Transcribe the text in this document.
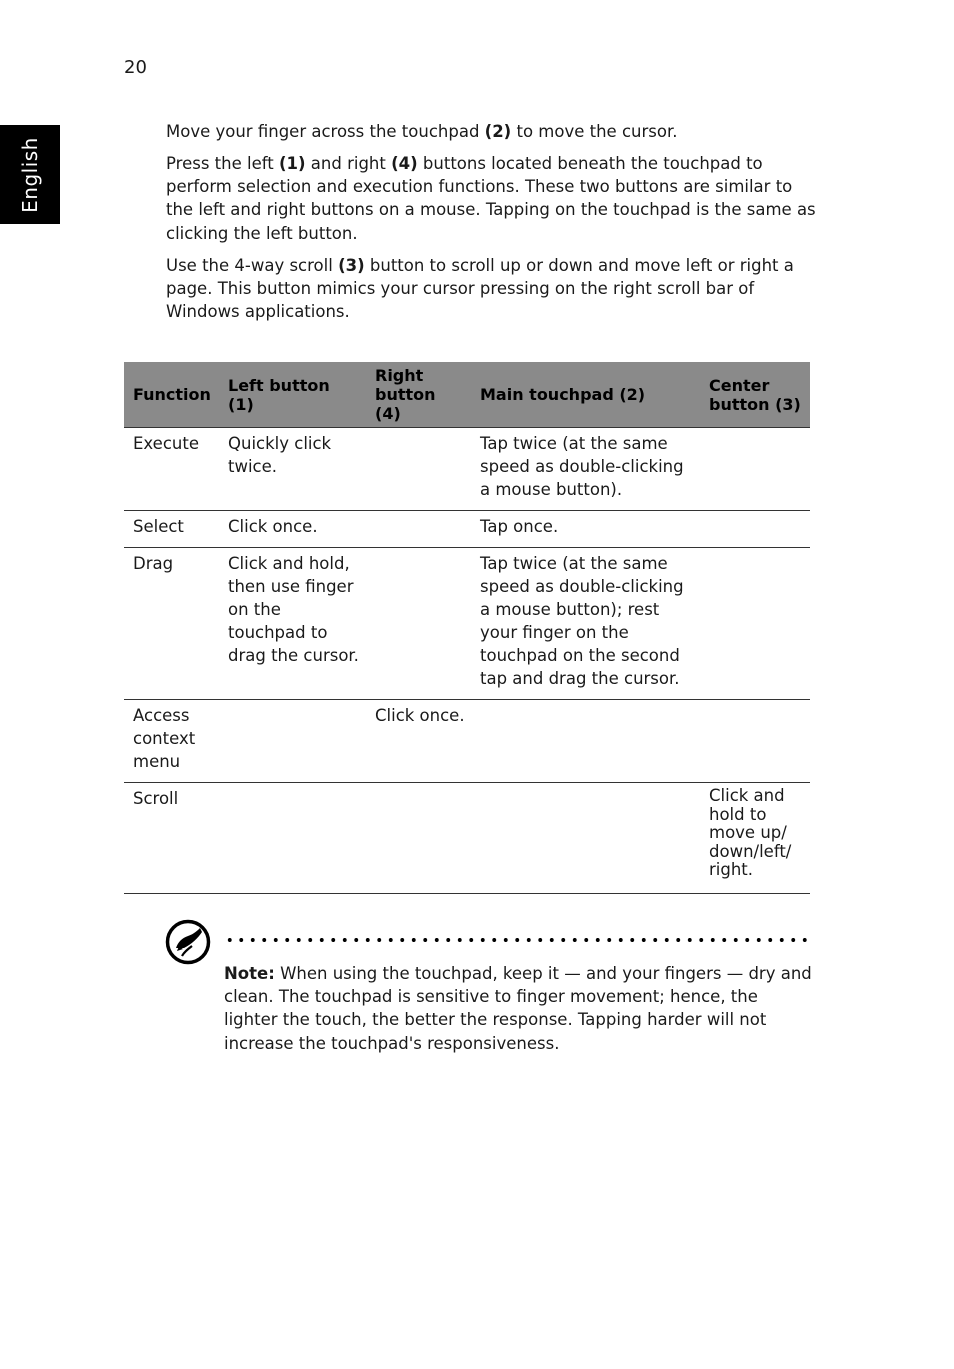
20
English

Move your finger across the touchpad (2) to move the cursor.

Press the left (1) and right (4) buttons located beneath the touchpad to perform selection and execution functions. These two buttons are similar to the left and right buttons on a mouse. Tapping on the touchpad is the same as clicking the left button.

Use the 4-way scroll (3) button to scroll up or down and move left or right a page. This button mimics your cursor pressing on the right scroll bar of Windows applications.

Function	Left button (1)	Right button (4)	Main touchpad (2)	Center button (3)
Execute	Quickly click twice.		Tap twice (at the same speed as double-clicking a mouse button).	
Select	Click once.		Tap once.	
Drag	Click and hold, then use finger on the touchpad to drag the cursor.		Tap twice (at the same speed as double-clicking a mouse button); rest your finger on the touchpad on the second tap and drag the cursor.	
Access context menu		Click once.		
Scroll				Click and hold to move up/ down/left/ right.

Note: When using the touchpad, keep it — and your fingers — dry and clean. The touchpad is sensitive to finger movement; hence, the lighter the touch, the better the response. Tapping harder will not increase the touchpad's responsiveness.
